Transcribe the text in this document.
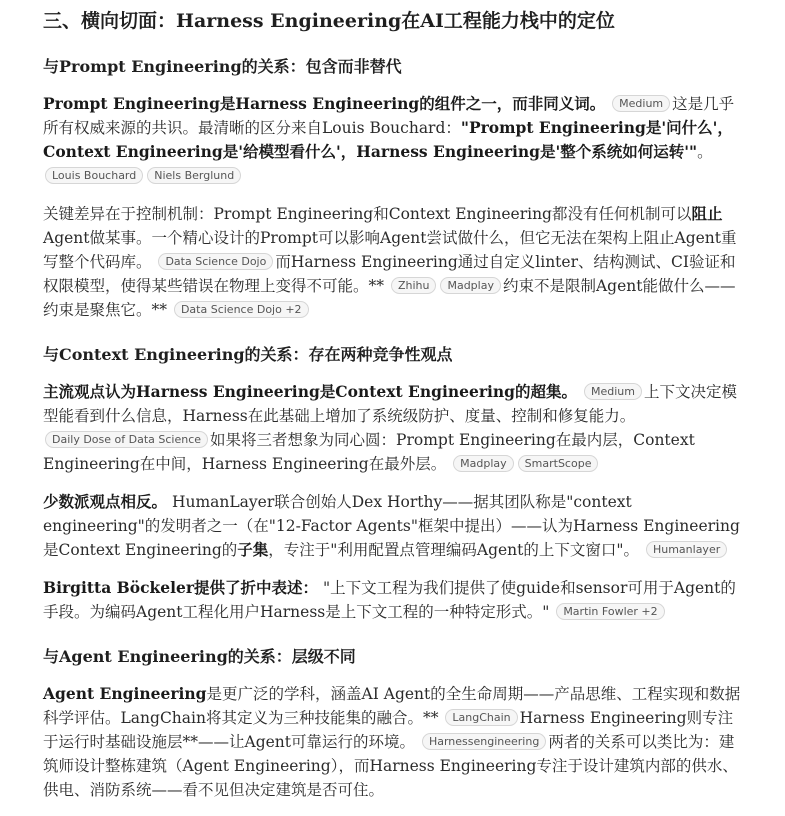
三、横向切面：Harness Engineering在AI工程能力栈中的定位
与Prompt Engineering的关系：包含而非替代

Prompt Engineering是Harness Engineering的组件之一，而非同义词。 Medium 这是几乎所有权威来源的共识。最清晰的区分来自Louis Bouchard："Prompt Engineering是'问什么'，Context Engineering是'给模型看什么'，Harness Engineering是'整个系统如何运转'"。 Louis Bouchard Niels Berglund

关键差异在于控制机制：Prompt Engineering和Context Engineering都没有任何机制可以阻止Agent做某事。一个精心设计的Prompt可以影响Agent尝试做什么，但它无法在架构上阻止Agent重写整个代码库。 Data Science Dojo 而Harness Engineering通过自定义linter、结构测试、CI验证和权限模型，使得某些错误在物理上变得不可能。** Zhihu Madplay 约束不是限制Agent能做什么——约束是聚焦它。** Data Science Dojo +2

与Context Engineering的关系：存在两种竞争性观点

主流观点认为Harness Engineering是Context Engineering的超集。 Medium 上下文决定模型能看到什么信息，Harness在此基础上增加了系统级防护、度量、控制和修复能力。 Daily Dose of Data Science 如果将三者想象为同心圆：Prompt Engineering在最内层，Context Engineering在中间，Harness Engineering在最外层。 Madplay SmartScope

少数派观点相反。 HumanLayer联合创始人Dex Horthy——据其团队称是"context engineering"的发明者之一（在"12-Factor Agents"框架中提出）——认为Harness Engineering是Context Engineering的子集，专注于"利用配置点管理编码Agent的上下文窗口"。 Humanlayer

Birgitta Böckeler提供了折中表述： "上下文工程为我们提供了使guide和sensor可用于Agent的手段。为编码Agent工程化用户Harness是上下文工程的一种特定形式。" Martin Fowler +2

与Agent Engineering的关系：层级不同

Agent Engineering是更广泛的学科，涵盖AI Agent的全生命周期——产品思维、工程实现和数据科学评估。LangChain将其定义为三种技能集的融合。** LangChain Harness Engineering则专注于运行时基础设施层**——让Agent可靠运行的环境。 Harnessengineering 两者的关系可以类比为：建筑师设计整栋建筑（Agent Engineering），而Harness Engineering专注于设计建筑内部的供水、供电、消防系统——看不见但决定建筑是否可住。
